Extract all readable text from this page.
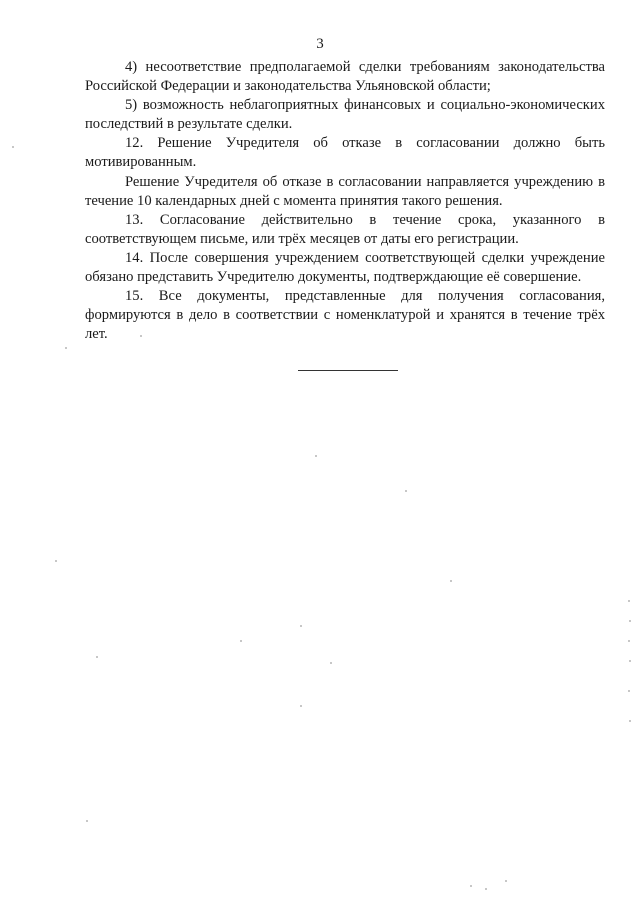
3

4) несоответствие предполагаемой сделки требованиям законодательства Российской Федерации и законодательства Ульяновской области;

5) возможность неблагоприятных финансовых и социально-экономических последствий в результате сделки.

12. Решение Учредителя об отказе в согласовании должно быть мотивированным.

Решение Учредителя об отказе в согласовании направляется учреждению в течение 10 календарных дней с момента принятия такого решения.

13. Согласование действительно в течение срока, указанного в соответствующем письме, или трёх месяцев от даты его регистрации.

14. После совершения учреждением соответствующей сделки учреждение обязано представить Учредителю документы, подтверждающие её совершение.

15. Все документы, представленные для получения согласования, формируются в дело в соответствии с номенклатурой и хранятся в течение трёх лет.
